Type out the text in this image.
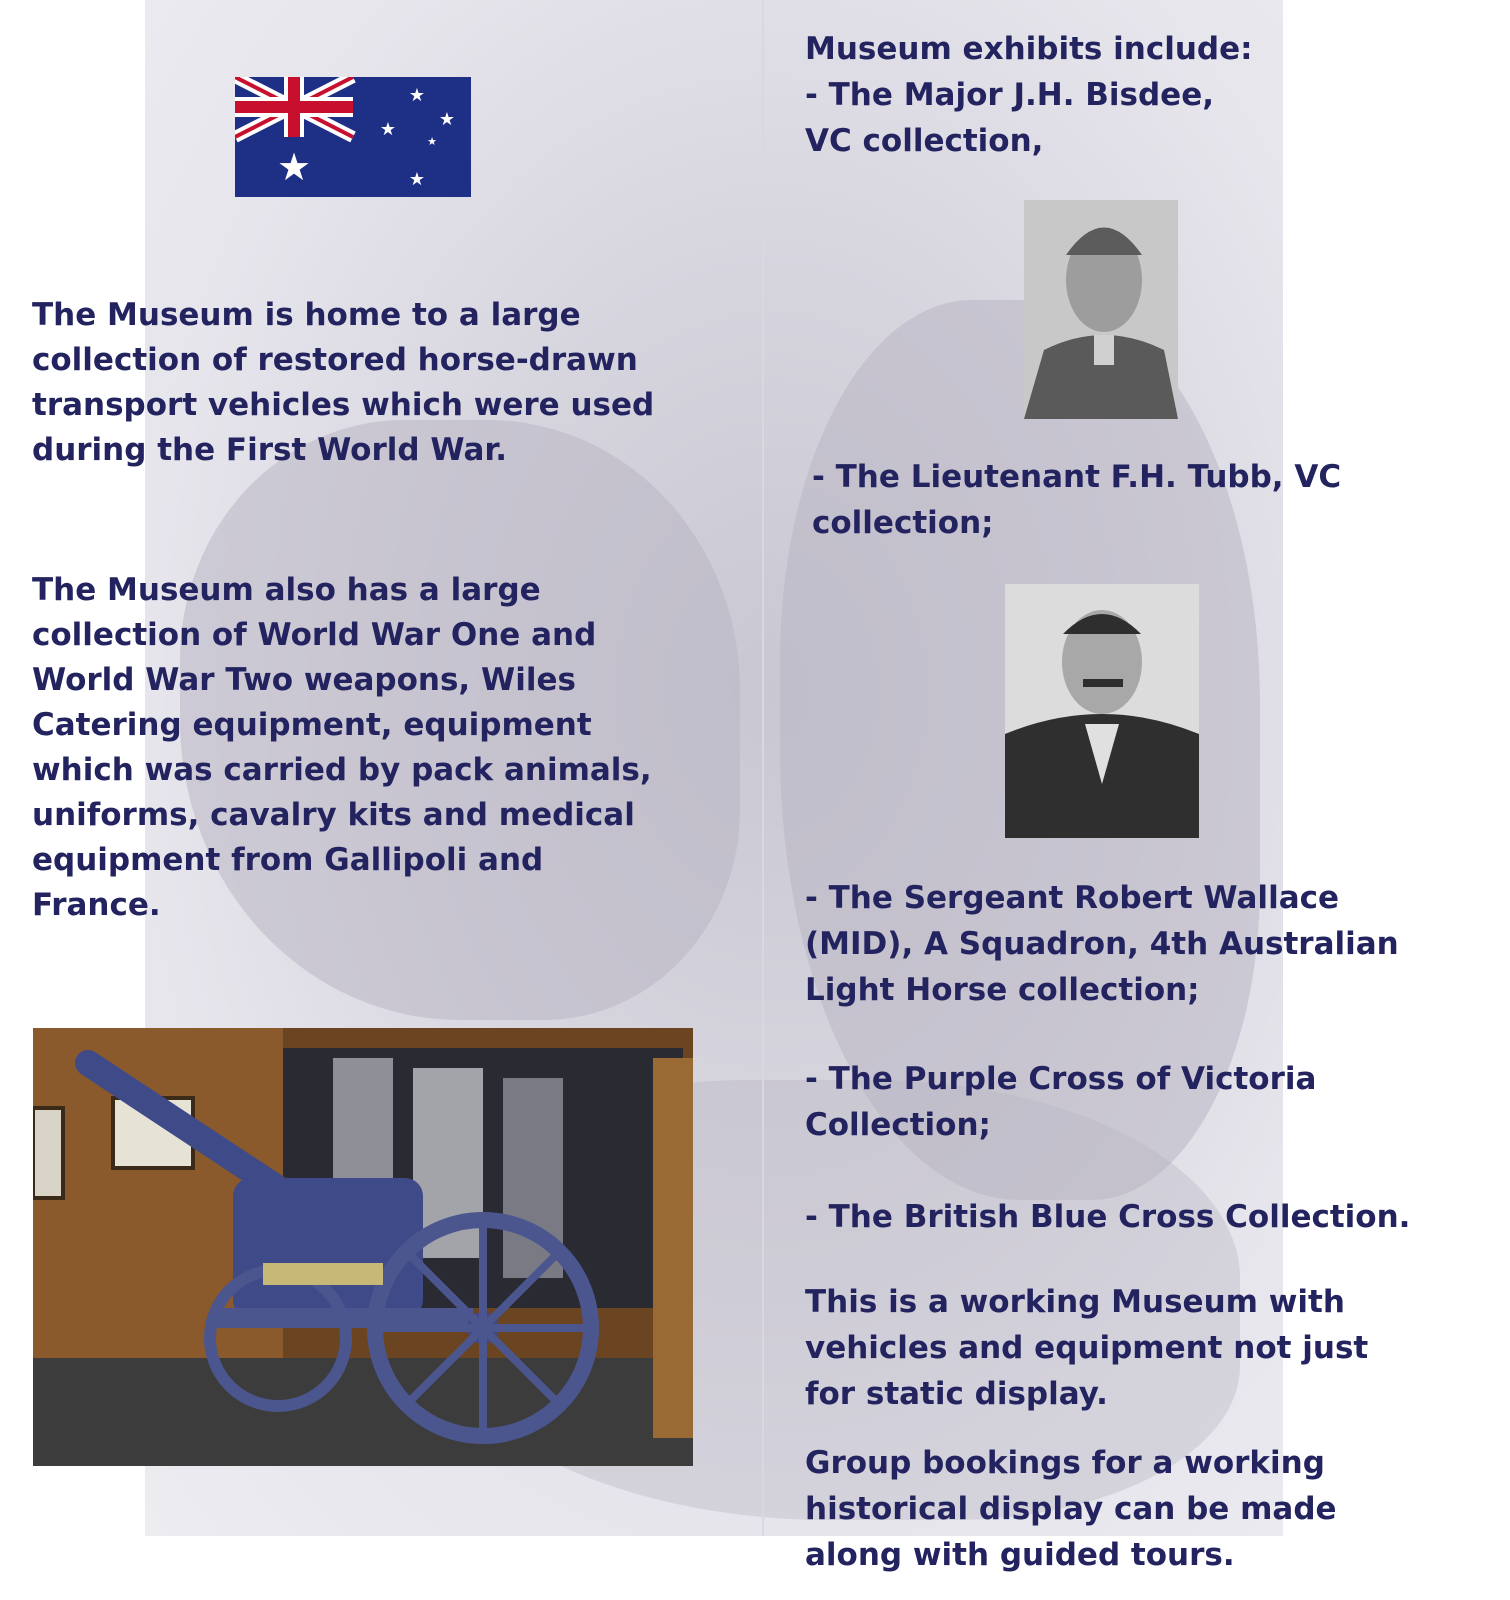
★
★
★ ★
★
★

The Museum is home to a large
collection of restored horse-drawn
transport vehicles which were used
during the First World War.

The Museum also has a large
collection of World War One and
World War Two weapons, Wiles
Catering equipment, equipment
which was carried by pack animals,
uniforms, cavalry kits and medical
equipment from Gallipoli and
France.

Museum exhibits include:

- The Major J.H. Bisdee,
VC collection,

- The Lieutenant F.H. Tubb, VC
collection;

- The Sergeant Robert Wallace
(MID), A Squadron, 4th Australian
Light Horse collection;

- The Purple Cross of Victoria
Collection;

- The British Blue Cross Collection.

This is a working Museum with
vehicles and equipment not just
for static display.

Group bookings for a working
historical display can be made
along with guided tours.
